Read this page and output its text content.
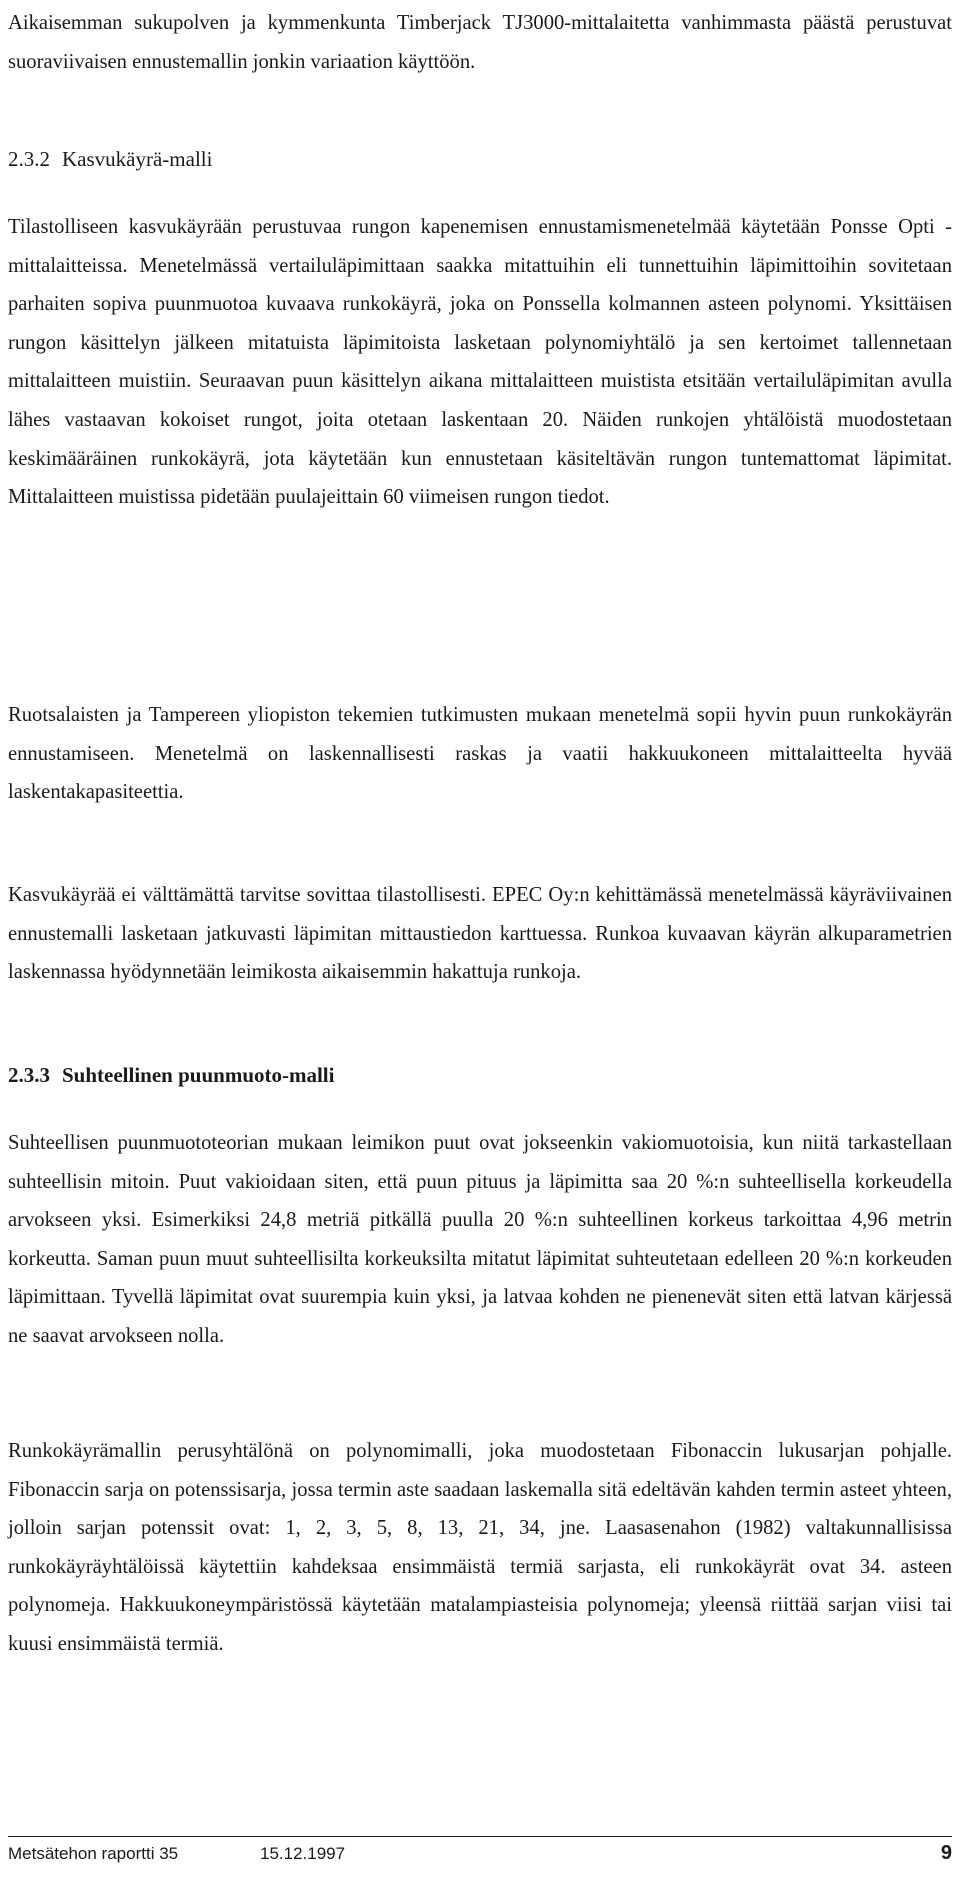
Aikaisemman sukupolven ja kymmenkunta Timberjack TJ3000-mittalaitetta vanhimmasta päästä perustuvat suoraviivaisen ennustemallin jonkin variaation käyttöön.

2.3.2 Kasvukäyrä-malli

Tilastolliseen kasvukäyrään perustuvaa rungon kapenemisen ennustamismenetelmää käytetään Ponsse Opti -mittalaitteissa. Menetelmässä vertailuläpimittaan saakka mitattuihin eli tunnettuihin läpimittoihin sovitetaan parhaiten sopiva puunmuotoa kuvaava runkokäyrä, joka on Ponssella kolmannen asteen polynomi. Yksittäisen rungon käsittelyn jälkeen mitatuista läpimitoista lasketaan polynomiyhtälö ja sen kertoimet tallennetaan mittalaitteen muistiin. Seuraavan puun käsittelyn aikana mittalaitteen muistista etsitään vertailuläpimitan avulla lähes vastaavan kokoiset rungot, joita otetaan laskentaan 20. Näiden runkojen yhtälöistä muodostetaan keskimääräinen runkokäyrä, jota käytetään kun ennustetaan käsiteltävän rungon tuntemattomat läpimitat. Mittalaitteen muistissa pidetään puulajeittain 60 viimeisen rungon tiedot.

Ruotsalaisten ja Tampereen yliopiston tekemien tutkimusten mukaan menetelmä sopii hyvin puun runkokäyrän ennustamiseen. Menetelmä on laskennallisesti raskas ja vaatii hakkuukoneen mittalaitteelta hyvää laskentakapasiteettia.

Kasvukäyrää ei välttämättä tarvitse sovittaa tilastollisesti. EPEC Oy:n kehittämässä menetelmässä käyräviivainen ennustemalli lasketaan jatkuvasti läpimitan mittaustiedon karttuessa. Runkoa kuvaavan käyrän alkuparametrien laskennassa hyödynnetään leimikosta aikaisemmin hakattuja runkoja.

2.3.3 Suhteellinen puunmuoto-malli

Suhteellisen puunmuototeorian mukaan leimikon puut ovat jokseenkin vakiomuotoisia, kun niitä tarkastellaan suhteellisin mitoin. Puut vakioidaan siten, että puun pituus ja läpimitta saa 20 %:n suhteellisella korkeudella arvokseen yksi. Esimerkiksi 24,8 metriä pitkällä puulla 20 %:n suhteellinen korkeus tarkoittaa 4,96 metrin korkeutta. Saman puun muut suhteellisilta korkeuksilta mitatut läpimitat suhteutetaan edelleen 20 %:n korkeuden läpimittaan. Tyvellä läpimitat ovat suurempia kuin yksi, ja latvaa kohden ne pienenevät siten että latvan kärjessä ne saavat arvokseen nolla.

Runkokäyrämallin perusyhtälönä on polynomimalli, joka muodostetaan Fibonaccin lukusarjan pohjalle. Fibonaccin sarja on potenssisarja, jossa termin aste saadaan laskemalla sitä edeltävän kahden termin asteet yhteen, jolloin sarjan potenssit ovat: 1, 2, 3, 5, 8, 13, 21, 34, jne. Laasasenahon (1982) valtakunnallisissa runkokäyräyhtälöissä käytettiin kahdeksaa ensimmäistä termiä sarjasta, eli runkokäyrät ovat 34. asteen polynomeja. Hakkuukoneympäristössä käytetään matalampiasteisia polynomeja; yleensä riittää sarjan viisi tai kuusi ensimmäistä termiä.

Metsätehon raportti 35	15.12.1997	9
